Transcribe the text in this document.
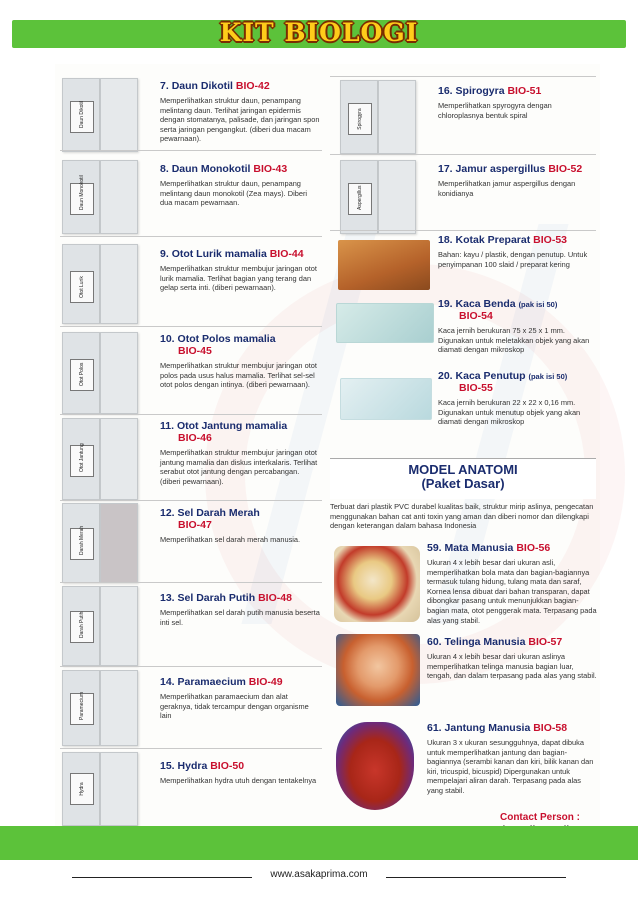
KIT BIOLOGI
Daun Dikotil
7. Daun Dikotil BIO-42
Memperlihatkan struktur daun, penampang melintang daun. Terlihat jaringan epidermis dengan stomatanya, palisade, dan jaringan spon serta jaringan pengangkut. (diberi dua macam pewarnaan).
Daun Monokotil
8. Daun Monokotil BIO-43
Memperlihatkan struktur daun, penampang melintang daun monokotil (Zea mays). Diberi dua macam pewarnaan.
Otot Lurik
9. Otot Lurik mamalia BIO-44
Memperlihatkan struktur membujur jaringan otot lurik mamalia. Terlihat bagian yang terang dan gelap serta inti. (diberi pewarnaan).
Otot Polos
10. Otot Polos mamalia
BIO-45
Memperlihatkan struktur membujur jaringan otot polos pada usus halus mamalia. Terlihat sel-sel otot polos dengan intinya. (diberi pewarnaan).
Otot Jantung
11. Otot Jantung mamalia
BIO-46
Memperlihatkan struktur membujur jaringan otot jantung mamalia dan diskus interkalaris. Terlihat serabut otot jantung dengan percabangan. (diberi pewarnaan).
Darah Merah
12. Sel Darah Merah
BIO-47
Memperlihatkan sel darah merah manusia.
Darah Putih
13. Sel Darah Putih BIO-48
Memperlihatkan sel darah putih manusia beserta inti sel.
Paramecium
14. Paramaecium BIO-49
Memperlihatkan paramaecium dan alat geraknya, tidak tercampur dengan organisme lain
Hydra
15. Hydra BIO-50
Memperlihatkan hydra utuh dengan tentakelnya
Spirogyra
16. Spirogyra BIO-51
Memperlihatkan spyrogyra dengan chloroplasnya bentuk spiral
Aspergillus
17. Jamur aspergillus BIO-52
Memperlihatkan jamur aspergillus dengan konidianya
18. Kotak Preparat BIO-53
Bahan: kayu / plastik, dengan penutup. Untuk penyimpanan 100 slaid / preparat kering
19. Kaca Benda (pak isi 50)
BIO-54
Kaca jernih berukuran 75 x 25 x 1 mm. Digunakan untuk meletakkan objek yang akan diamati dengan mikroskop
20. Kaca Penutup (pak isi 50)
BIO-55
Kaca jernih berukuran 22 x 22 x 0,16 mm. Digunakan untuk menutup objek yang akan diamati dengan mikroskop
MODEL ANATOMI
(Paket Dasar)
Terbuat dari plastik PVC durabel kualitas baik, struktur mirip aslinya, pengecatan menggunakan bahan cat anti toxin yang aman dan diberi nomor dan dilengkapi dengan keterangan dalam bahasa Indonesia
59. Mata Manusia BIO-56
Ukuran 4 x lebih besar dari ukuran asli, memperlihatkan bola mata dan bagian-bagiannya termasuk tulang hidung, tulang mata dan saraf, Kornea lensa dibuat dari bahan transparan, dapat dibongkar pasang untuk menunjukkan bagian-bagian mata, otot penggerak mata. Terpasang pada alas yang stabil.
60. Telinga Manusia BIO-57
Ukuran 4 x lebih besar dari ukuran aslinya memperlihatkan telinga manusia bagian luar, tengah, dan dalam terpasang pada alas yang stabil.
61. Jantung Manusia BIO-58
Ukuran 3 x ukuran sesungguhnya, dapat dibuka untuk memperlihatkan jantung dan bagian-bagiannya (serambi kanan dan kiri, bilik kanan dan kiri, tricuspid, bicuspid) Dipergunakan untuk mempelajari aliran darah. Terpasang pada alas yang stabil.
Contact Person :
www.asakaprima.com
